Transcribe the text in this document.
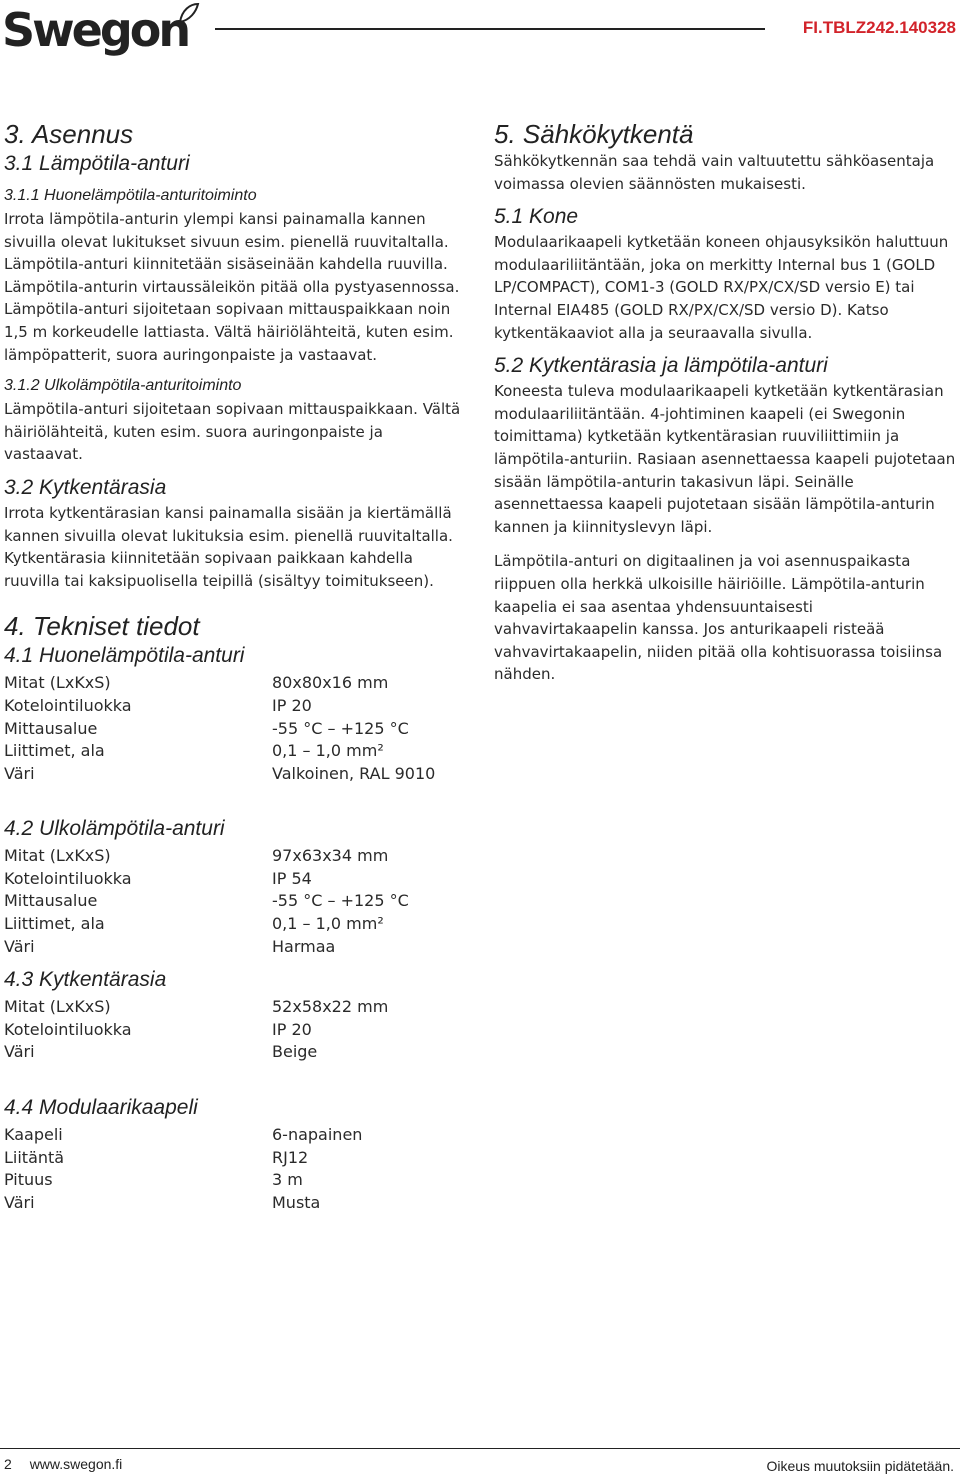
Swegon	FI.TBLZ242.140328
3. Asennus
3.1 Lämpötila-anturi
3.1.1 Huonelämpötila-anturitoiminto

Irrota lämpötila-anturin ylempi kansi painamalla kannen sivuilla olevat lukitukset sivuun esim. pienellä ruuvitaltalla. Lämpötila-anturi kiinnitetään sisäseinään kahdella ruuvilla. Lämpötila-anturin virtaussäleikön pitää olla pystyasennossa. Lämpötila-anturi sijoitetaan sopivaan mittauspaikkaan noin 1,5 m korkeudelle lattiasta. Vältä häiriölähteitä, kuten esim. lämpöpatterit, suora auringonpaiste ja vastaavat.

3.1.2 Ulkolämpötila-anturitoiminto

Lämpötila-anturi sijoitetaan sopivaan mittauspaikkaan. Vältä häiriölähteitä, kuten esim. suora auringonpaiste ja vastaavat.

3.2 Kytkentärasia

Irrota kytkentärasian kansi painamalla sisään ja kiertämällä kannen sivuilla olevat lukituksia esim. pienellä ruuvitaltalla. Kytkentärasia kiinnitetään sopivaan paikkaan kahdella ruuvilla tai kaksipuolisella teipillä (sisältyy toimitukseen).

4. Tekniset tiedot
4.1 Huonelämpötila-anturi
Mitat (LxKxS)	80x80x16 mm
Kotelointiluokka	IP 20
Mittausalue	-55 °C – +125 °C
Liittimet, ala	0,1 – 1,0 mm²
Väri	Valkoinen, RAL 9010
4.2 Ulkolämpötila-anturi
Mitat (LxKxS)	97x63x34 mm
Kotelointiluokka	IP 54
Mittausalue	-55 °C – +125 °C
Liittimet, ala	0,1 – 1,0 mm²
Väri	Harmaa
4.3 Kytkentärasia
Mitat (LxKxS)	52x58x22 mm
Kotelointiluokka	IP 20
Väri	Beige
4.4 Modulaarikaapeli
Kaapeli	6-napainen
Liitäntä	RJ12
Pituus	3 m
Väri	Musta
5. Sähkökytkentä

Sähkökytkennän saa tehdä vain valtuutettu sähköasentaja voimassa olevien säännösten mukaisesti.

5.1 Kone

Modulaarikaapeli kytketään koneen ohjausyksikön haluttuun modulaariliitäntään, joka on merkitty Internal bus 1 (GOLD LP/COMPACT), COM1-3 (GOLD RX/PX/CX/SD versio E) tai Internal EIA485 (GOLD RX/PX/CX/SD versio D). Katso kytkentäkaaviot alla ja seuraavalla sivulla.

5.2 Kytkentärasia ja lämpötila-anturi

Koneesta tuleva modulaarikaapeli kytketään kytkentärasian modulaariliitäntään. 4-johtiminen kaapeli (ei Swegonin toimittama) kytketään kytkentärasian ruuviliittimiin ja lämpötila-anturiin. Rasiaan asennettaessa kaapeli pujotetaan sisään lämpötila-anturin takasivun läpi. Seinälle asennettaessa kaapeli pujotetaan sisään lämpötila-anturin kannen ja kiinnityslevyn läpi.

Lämpötila-anturi on digitaalinen ja voi asennuspaikasta riippuen olla herkkä ulkoisille häiriöille. Lämpötila-anturin kaapelia ei saa asentaa yhdensuuntaisesti vahvavirtakaapelin kanssa. Jos anturikaapeli risteää vahvavirtakaapelin, niiden pitää olla kohtisuorassa toisiinsa nähden.

2 www.swegon.fi	Oikeus muutoksiin pidätetään.
